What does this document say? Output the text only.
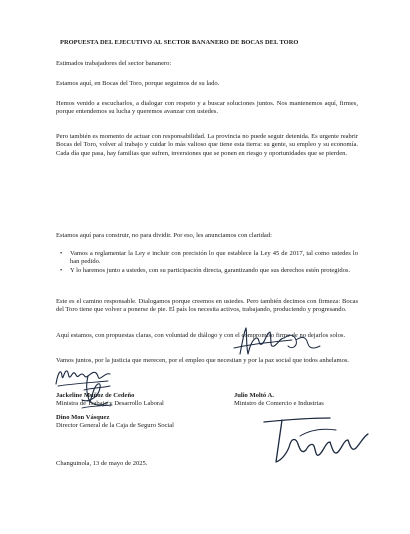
PROPUESTA DEL EJECUTIVO AL SECTOR BANANERO DE BOCAS DEL TORO
Estimados trabajadores del sector bananero:
Estamos aquí, en Bocas del Toro, porque seguimos de su lado.
Hemos venido a escucharlos, a dialogar con respeto y a buscar soluciones juntos. Nos mantenemos aquí, firmes, porque entendemos su lucha y queremos avanzar con ustedes.
Pero también es momento de actuar con responsabilidad. La provincia no puede seguir detenida. Es urgente reabrir Bocas del Toro, volver al trabajo y cuidar lo más valioso que tiene esta tierra: su gente, su empleo y su economía. Cada día que pasa, hay familias que sufren, inversiones que se ponen en riesgo y oportunidades que se pierden.
Estamos aquí para construir, no para dividir. Por eso, les anunciamos con claridad:
• Vamos a reglamentar la Ley e incluir con precisión lo que establece la Ley 45 de 2017, tal como ustedes lo han pedido.
• Y lo haremos junto a ustedes, con su participación directa, garantizando que sus derechos estén protegidos.
Este es el camino responsable. Dialogamos porque creemos en ustedes. Pero también decimos con firmeza: Bocas del Toro tiene que volver a ponerse de pie. El país los necesita activos, trabajando, produciendo y progresando.
Aquí estamos, con propuestas claras, con voluntad de diálogo y con el compromiso firme de no dejarlos solos.
Vamos juntos, por la justicia que merecen, por el empleo que necesitan y por la paz social que todos anhelamos.
Jackeline Muñoz de Cedeño
Ministra de Trabajo y Desarrollo Laboral
Julio Moltó A.
Ministro de Comercio e Industrias
Dino Mon Vásquez
Director General de la Caja de Seguro Social
Changuinola, 13 de mayo de 2025.
